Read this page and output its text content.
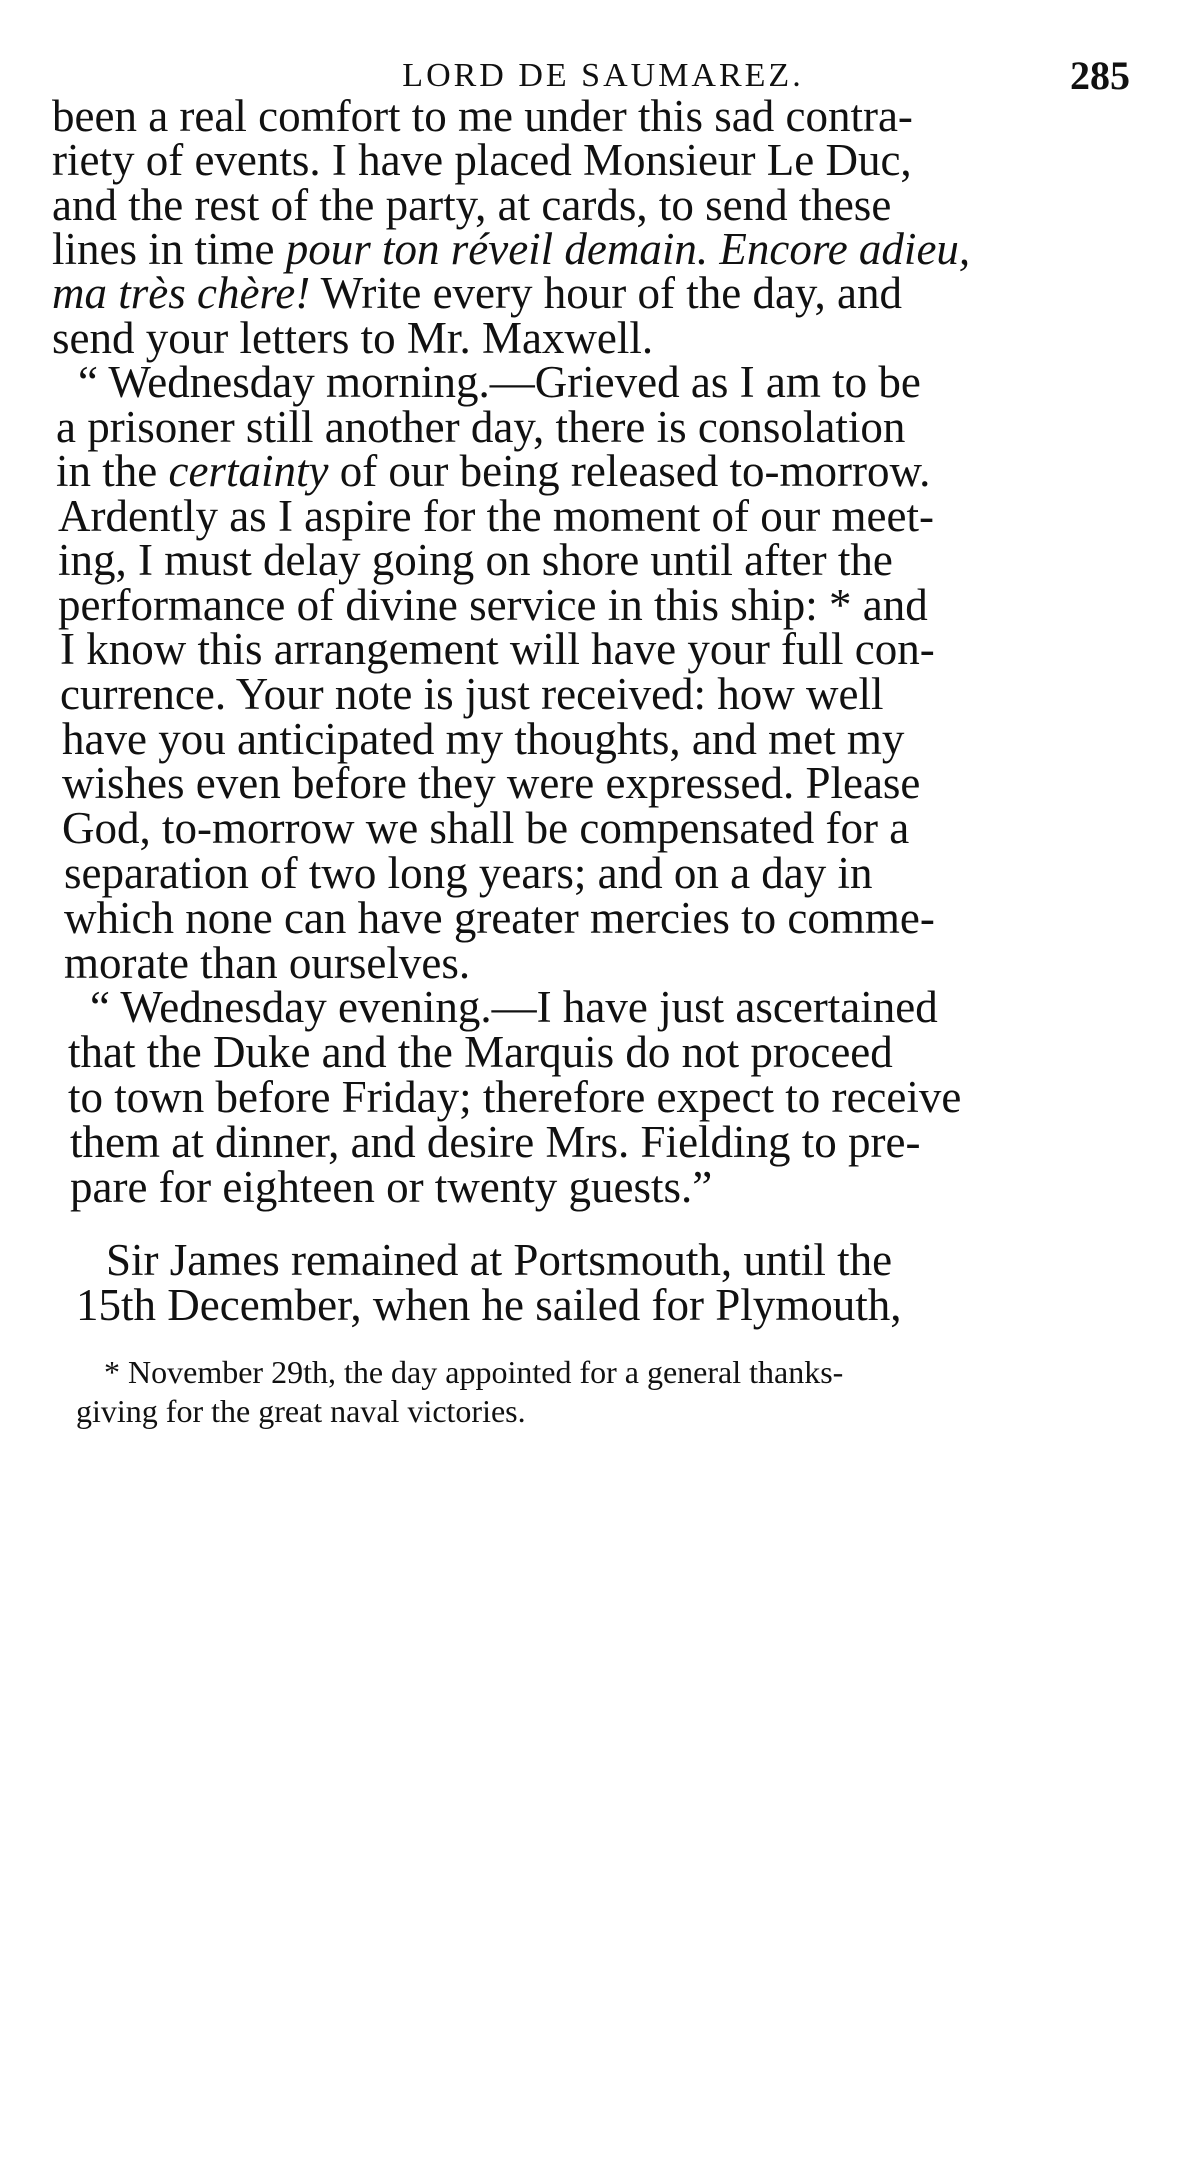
LORD DE SAUMAREZ.	285
been a real comfort to me under this sad contra-
riety of events. I have placed Monsieur Le Duc,
and the rest of the party, at cards, to send these
lines in time pour ton réveil demain. Encore adieu,
ma très chère! Write every hour of the day, and
send your letters to Mr. Maxwell.
“ Wednesday morning.—Grieved as I am to be
a prisoner still another day, there is consolation
in the certainty of our being released to-morrow.
Ardently as I aspire for the moment of our meet-
ing, I must delay going on shore until after the
performance of divine service in this ship: * and
I know this arrangement will have your full con-
currence. Your note is just received: how well
have you anticipated my thoughts, and met my
wishes even before they were expressed. Please
God, to-morrow we shall be compensated for a
separation of two long years; and on a day in
which none can have greater mercies to comme-
morate than ourselves.
“ Wednesday evening.—I have just ascertained
that the Duke and the Marquis do not proceed
to town before Friday; therefore expect to receive
them at dinner, and desire Mrs. Fielding to pre-
pare for eighteen or twenty guests.”
Sir James remained at Portsmouth, until the
15th December, when he sailed for Plymouth,
* November 29th, the day appointed for a general thanks-
giving for the great naval victories.
